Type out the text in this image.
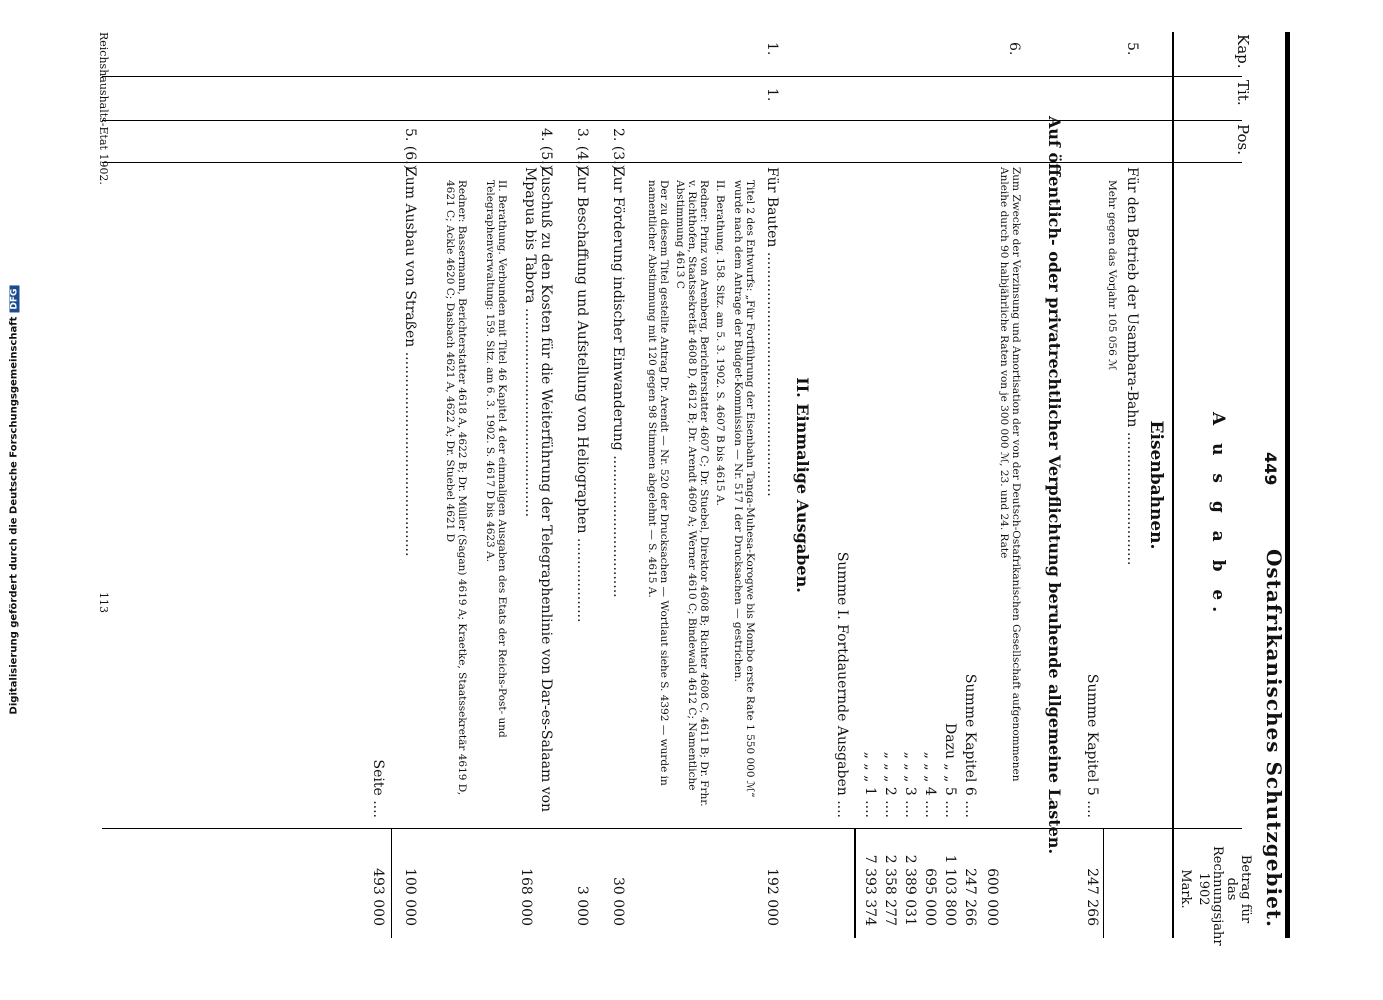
Digitalisierung gefördert durch die Deutsche ForschungsgemeinschaftDFG
449
Ostafrikanisches Schutzgebiet.
Kap.
Tit.
Pos.
A u s g a b e.
Betrag für das Rechnungsjahr 1902
Mark.
Eisenbahnen.
5.
Für den Betrieb der Usambara-Bahn ..............................
Mehr gegen das Vorjahr 105 056 ℳ
Summe Kapitel 5 ....
247 266
Auf öffentlich- oder privatrechtlicher Verpflichtung beruhende allgemeine Lasten.
6.
Zum Zwecke der Verzinsung und Amortisation der von der Deutsch-Ostafrikanischen Gesellschaft aufgenommenen Anleihe durch 90 halbjährliche Raten von je 300 000 ℳ, 23. und 24. Rate
600 000
Summe Kapitel 6 ....
247 266
Dazu „ „ 5 ....
1 103 800
„ „ „ 4 ....
695 000
„ „ „ 3 ....
2 389 031
„ „ „ 2 ....
2 358 277
„ „ „ 1 ....
7 393 374
Summe I. Fortdauernde Ausgaben ....
II. Einmalige Ausgaben.
1.
1.
Für Bauten .......................................................
192 000
Titel 2 des Entwurfs: „Für Fortführung der Eisenbahn Tanga-Muhesa-Korogwe bis Mombo erste Rate 1 550 000 ℳ“ wurde nach dem Antrage der Budget-Kommission — Nr. 517 I der Drucksachen — gestrichen.
II. Berathung. 158. Sitz. am 5. 3. 1902. S. 4607 B bis 4615 A.
Redner: Prinz von Arenberg, Berichterstatter 4607 C; Dr. Stuebel, Direktor 4608 B; Richter 4608 C, 4611 B; Dr. Frhr. v. Richthofen, Staatssekretär 4608 D, 4612 B; Dr. Arendt 4609 A; Werner 4610 C; Bindewald 4612 C; Namentliche Abstimmung 4613 C
Der zu diesem Titel gestellte Antrag Dr. Arendt — Nr. 520 der Drucksachen — Wortlaut siehe S. 4392 — wurde in namentlicher Abstimmung mit 120 gegen 98 Stimmen abgelehnt — S. 4615 A.
2. (3.)
Zur Förderung indischer Einwanderung ................................
30 000
3. (4.)
Zur Beschaffung und Aufstellung von Heliographen ...................
3 000
4. (5.)
Zuschuß zu den Kosten für die Weiterführung der Telegraphenlinie von Dar-es-Salaam von Mpapua bis Tabora ...............................................
168 000
II. Berathung. Verbunden mit Titel 46 Kapitel 4 der einmaligen Ausgaben des Etats der Reichs-Post- und Telegraphenverwaltung: 159. Sitz. am 6. 3. 1902. S. 4617 D bis 4623 A.
Redner: Bassermann, Berichterstatter 4618 A, 4622 B; Dr. Müller (Sagan) 4619 A; Kraetke, Staatssekretär 4619 D, 4621 C; Ackle 4620 C; Dasbach 4621 A, 4622 A; Dr. Stuebel 4621 D
5. (6.)
Zum Ausbau von Straßen ..............................................
100 000
Seite ....
493 000
Reichshaushalts-Etat 1902.
113
